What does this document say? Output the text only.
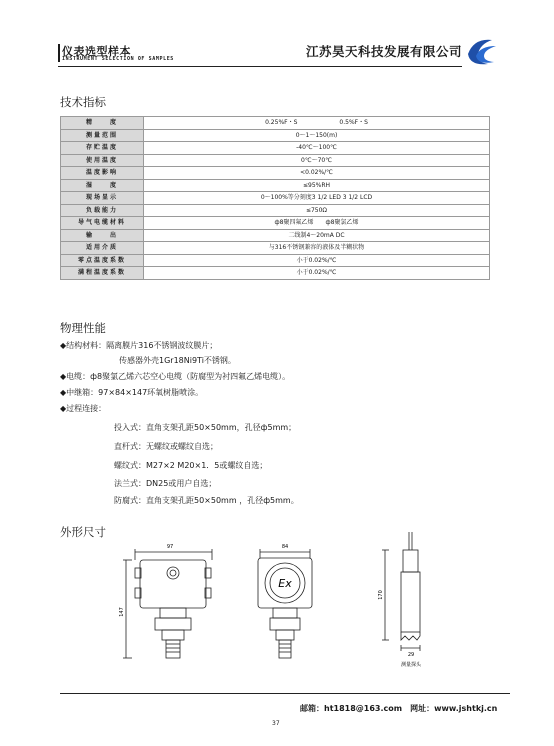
仪表选型样本
INSTRUMENT SELECTION OF SAMPLES	江苏昊天科技发展有限公司
技术指标
精　　度	0.25%F・S　　　　　　　0.5%F・S
测量范围	0～1～150(m)
存贮温度	-40℃～100℃
使用温度	0℃～70℃
温度影响	<0.02%/℃
湿　　度	≤95%RH
现场显示	0～100%等分刻度3 1/2 LED 3 1/2 LCD
负载能力	≤750Ω
导气电缆材料	ф8聚四氟乙烯　　ф8聚氯乙烯
输　　出	二线制4～20mA DC
适用介质	与316不锈钢兼容的液体及半糊状物
零点温度系数	小于0.02%/℃
满程温度系数	小于0.02%/℃
物理性能
◆结构材料：隔离膜片316不锈钢波纹膜片；
传感器外壳1Gr18Ni9Ti不锈钢。
◆电缆：ф8聚氯乙烯六芯空心电缆（防腐型为衬四氟乙烯电缆）。
◆中继箱：97×84×147环氧树脂喷涂。
◆过程连接：
投入式：直角支架孔距50×50mm，孔径ф5mm；
直杆式：无螺纹或螺纹自选；
螺纹式：M27×2 M20×1．5或螺纹自选；
法兰式：DN25或用户自选；
防腐式：直角支架孔距50×50mm ，孔径ф5mm。
外形尺寸
97
147
84
Ex
170
29
测量探头
邮箱：ht1818@163.com　网址：www.jshtkj.cn
37
